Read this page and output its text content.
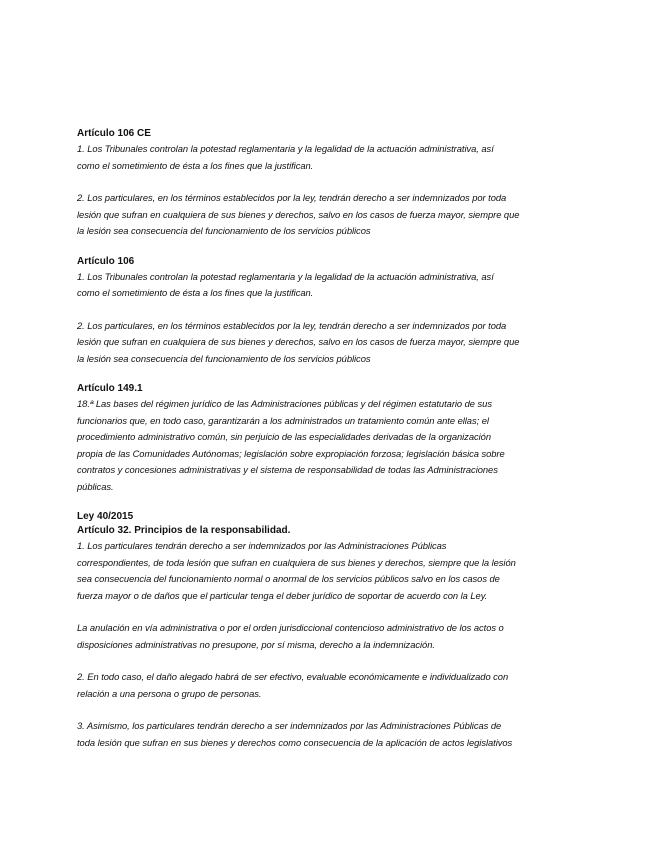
Artículo 106 CE

1. Los Tribunales controlan la potestad reglamentaria y la legalidad de la actuación administrativa, así

como el sometimiento de ésta a los fines que la justifican.

2. Los particulares, en los términos establecidos por la ley, tendrán derecho a ser indemnizados por toda

lesión que sufran en cualquiera de sus bienes y derechos, salvo en los casos de fuerza mayor, siempre que

la lesión sea consecuencia del funcionamiento de los servicios públicos

Artículo 106

1. Los Tribunales controlan la potestad reglamentaria y la legalidad de la actuación administrativa, así

como el sometimiento de ésta a los fines que la justifican.

2. Los particulares, en los términos establecidos por la ley, tendrán derecho a ser indemnizados por toda

lesión que sufran en cualquiera de sus bienes y derechos, salvo en los casos de fuerza mayor, siempre que

la lesión sea consecuencia del funcionamiento de los servicios públicos

Artículo 149.1

18.ª Las bases del régimen jurídico de las Administraciones públicas y del régimen estatutario de sus

funcionarios que, en todo caso, garantizarán a los administrados un tratamiento común ante ellas; el

procedimiento administrativo común, sin perjuicio de las especialidades derivadas de la organización

propia de las Comunidades Autónomas; legislación sobre expropiación forzosa; legislación básica sobre

contratos y concesiones administrativas y el sistema de responsabilidad de todas las Administraciones

públicas.

Ley 40/2015

Artículo 32. Principios de la responsabilidad.

1. Los particulares tendrán derecho a ser indemnizados por las Administraciones Públicas

correspondientes, de toda lesión que sufran en cualquiera de sus bienes y derechos, siempre que la lesión

sea consecuencia del funcionamiento normal o anormal de los servicios públicos salvo en los casos de

fuerza mayor o de daños que el particular tenga el deber jurídico de soportar de acuerdo con la Ley.

La anulación en vía administrativa o por el orden jurisdiccional contencioso administrativo de los actos o

disposiciones administrativas no presupone, por sí misma, derecho a la indemnización.

2. En todo caso, el daño alegado habrá de ser efectivo, evaluable económicamente e individualizado con

relación a una persona o grupo de personas.

3. Asimismo, los particulares tendrán derecho a ser indemnizados por las Administraciones Públicas de

toda lesión que sufran en sus bienes y derechos como consecuencia de la aplicación de actos legislativos
